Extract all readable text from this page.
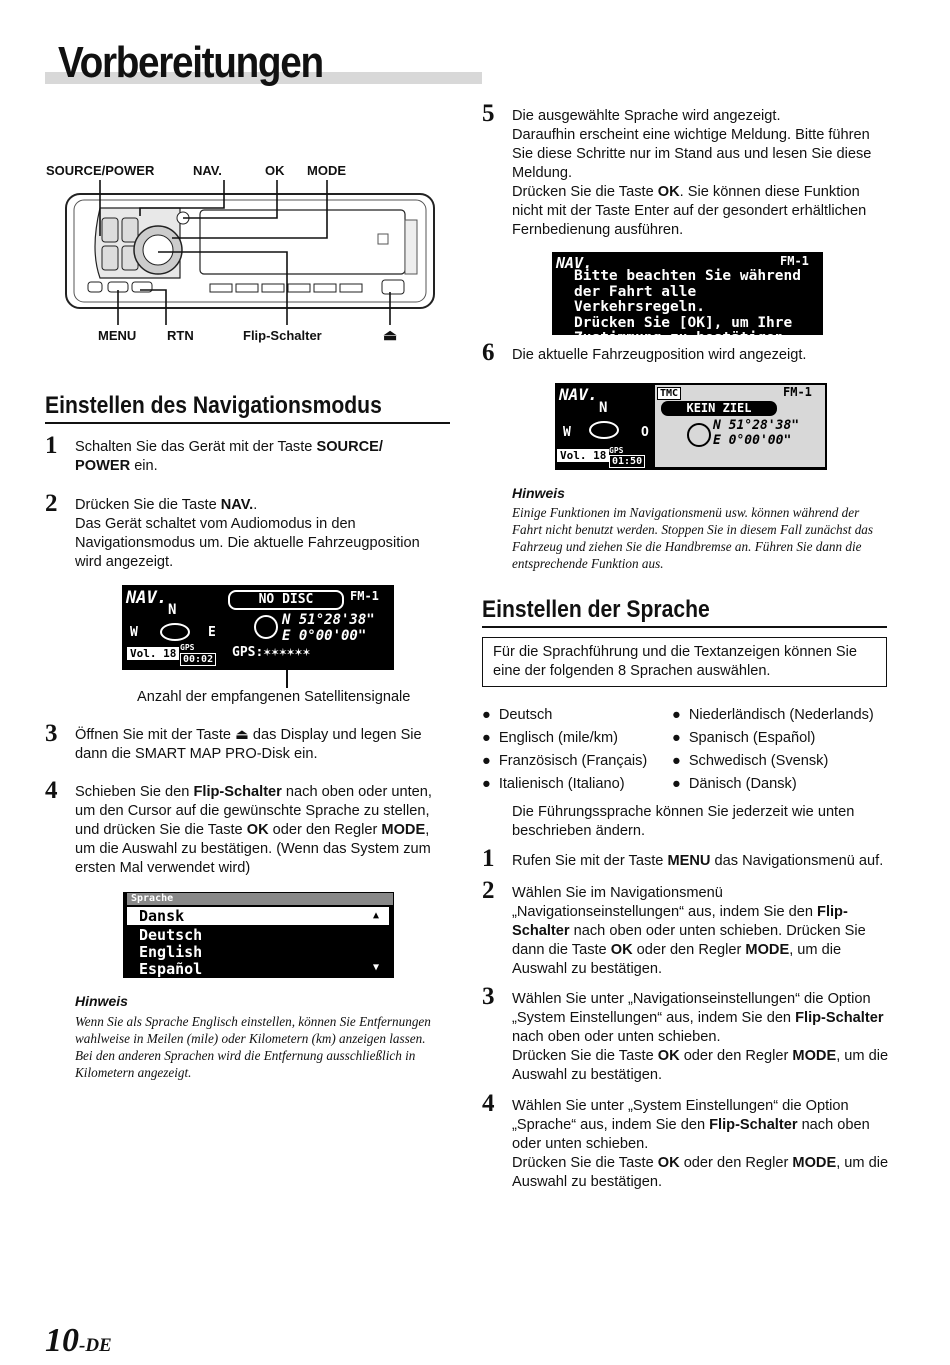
Vorbereitungen
SOURCE/POWER	NAV.	OK MODE
MENU RTN	Flip-Schalter	⏏
Einstellen des Navigationsmodus
1 Schalten Sie das Gerät mit der Taste SOURCE/ POWER ein.
2 Drücken Sie die Taste NAV..
Das Gerät schaltet vom Audiomodus in den Navigationsmodus um. Die aktuelle Fahrzeugposition wird angezeigt.
NAV.
N
W	E
NO DISC	FM-1
N 51°28'38"
E 0°00'00"
Vol. 18 GPS
00:02 GPS:✶✶✶✶✶✶
Anzahl der empfangenen Satellitensignale
3 Öffnen Sie mit der Taste ⏏ das Display und legen Sie dann die SMART MAP PRO-Disk ein.
4 Schieben Sie den Flip-Schalter nach oben oder unten, um den Cursor auf die gewünschte Sprache zu stellen, und drücken Sie die Taste OK oder den Regler MODE, um die Auswahl zu bestätigen. (Wenn das System zum ersten Mal verwendet wird)
Sprache
Dansk	▲
Deutsch
English
Español	▼
Hinweis
Wenn Sie als Sprache Englisch einstellen, können Sie Entfernungen wahlweise in Meilen (mile) oder Kilometern (km) anzeigen lassen.
Bei den anderen Sprachen wird die Entfernung ausschließlich in Kilometern angezeigt.
5 Die ausgewählte Sprache wird angezeigt.
Daraufhin erscheint eine wichtige Meldung. Bitte führen Sie diese Schritte nur im Stand aus und lesen Sie diese Meldung.
Drücken Sie die Taste OK. Sie können diese Funktion nicht mit der Taste Enter auf der gesondert erhältlichen Fernbedienung ausführen.
NAV.	FM-1
Bitte beachten Sie während
der Fahrt alle Verkehrsregeln.
Drücken Sie [OK], um Ihre
Zustimmung zu bestätigen.
6 Die aktuelle Fahrzeugposition wird angezeigt.
NAV.
N
W	O
Vol. 18 GPS
01:50
TMC	FM-1
KEIN ZIEL
N 51°28'38"
E 0°00'00"
Hinweis
Einige Funktionen im Navigationsmenü usw. können während der Fahrt nicht benutzt werden. Stoppen Sie in diesem Fall zunächst das Fahrzeug und ziehen Sie die Handbremse an. Führen Sie dann die entsprechende Funktion aus.
Einstellen der Sprache
Für die Sprachführung und die Textanzeigen können Sie eine der folgenden 8 Sprachen auswählen.
● Deutsch
● Englisch (mile/km)
● Französisch (Français)
● Italienisch (Italiano)
● Niederländisch (Nederlands)
● Spanisch (Español)
● Schwedisch (Svensk)
● Dänisch (Dansk)
Die Führungssprache können Sie jederzeit wie unten beschrieben ändern.
1 Rufen Sie mit der Taste MENU das Navigationsmenü auf.
2 Wählen Sie im Navigationsmenü „Navigationseinstellungen“ aus, indem Sie den Flip-Schalter nach oben oder unten schieben. Drücken Sie dann die Taste OK oder den Regler MODE, um die Auswahl zu bestätigen.
3 Wählen Sie unter „Navigationseinstellungen“ die Option „System Einstellungen“ aus, indem Sie den Flip-Schalter nach oben oder unten schieben.
Drücken Sie die Taste OK oder den Regler MODE, um die Auswahl zu bestätigen.
4 Wählen Sie unter „System Einstellungen“ die Option „Sprache“ aus, indem Sie den Flip-Schalter nach oben oder unten schieben.
Drücken Sie die Taste OK oder den Regler MODE, um die Auswahl zu bestätigen.
10-DE
